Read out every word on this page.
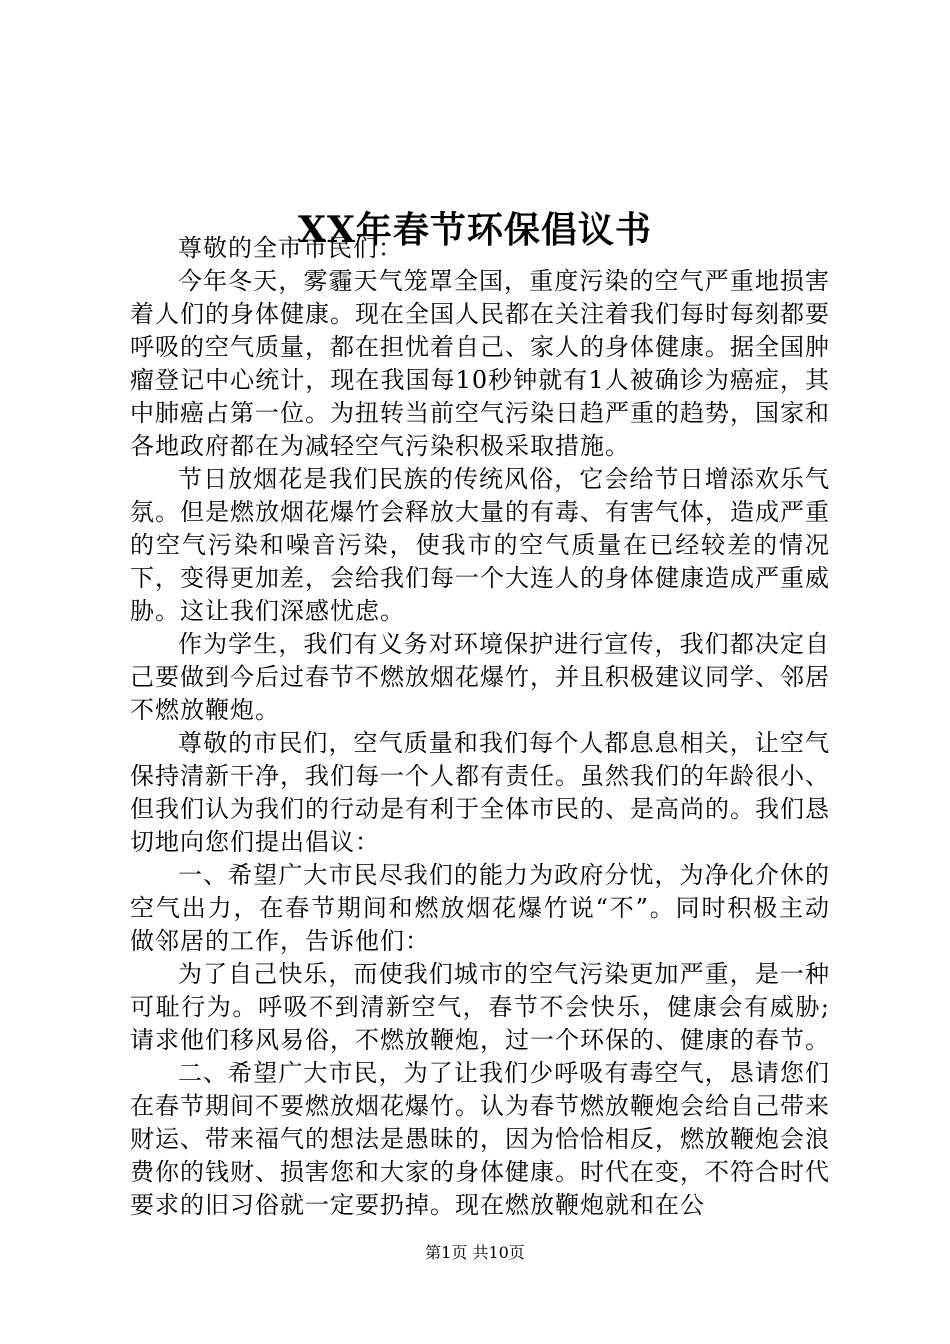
XX年春节环保倡议书

尊敬的全市市民们：

今年冬天，雾霾天气笼罩全国，重度污染的空气严重地损害着人们的身体健康。现在全国人民都在关注着我们每时每刻都要呼吸的空气质量，都在担忧着自己、家人的身体健康。据全国肿瘤登记中心统计，现在我国每10秒钟就有1人被确诊为癌症，其中肺癌占第一位。为扭转当前空气污染日趋严重的趋势，国家和各地政府都在为减轻空气污染积极采取措施。

节日放烟花是我们民族的传统风俗，它会给节日增添欢乐气氛。但是燃放烟花爆竹会释放大量的有毒、有害气体，造成严重的空气污染和噪音污染，使我市的空气质量在已经较差的情况下，变得更加差，会给我们每一个大连人的身体健康造成严重威胁。这让我们深感忧虑。

作为学生，我们有义务对环境保护进行宣传，我们都决定自己要做到今后过春节不燃放烟花爆竹，并且积极建议同学、邻居不燃放鞭炮。

尊敬的市民们，空气质量和我们每个人都息息相关，让空气保持清新干净，我们每一个人都有责任。虽然我们的年龄很小、但我们认为我们的行动是有利于全体市民的、是高尚的。我们恳切地向您们提出倡议：

一、希望广大市民尽我们的能力为政府分忧，为净化介休的空气出力，在春节期间和燃放烟花爆竹说“不”。同时积极主动做邻居的工作，告诉他们：

为了自己快乐，而使我们城市的空气污染更加严重，是一种可耻行为。呼吸不到清新空气，春节不会快乐，健康会有威胁;请求他们移风易俗，不燃放鞭炮，过一个环保的、健康的春节。

二、希望广大市民，为了让我们少呼吸有毒空气，恳请您们在春节期间不要燃放烟花爆竹。认为春节燃放鞭炮会给自己带来财运、带来福气的想法是愚昧的，因为恰恰相反，燃放鞭炮会浪费你的钱财、损害您和大家的身体健康。时代在变，不符合时代要求的旧习俗就一定要扔掉。现在燃放鞭炮就和在公

第1页 共10页
